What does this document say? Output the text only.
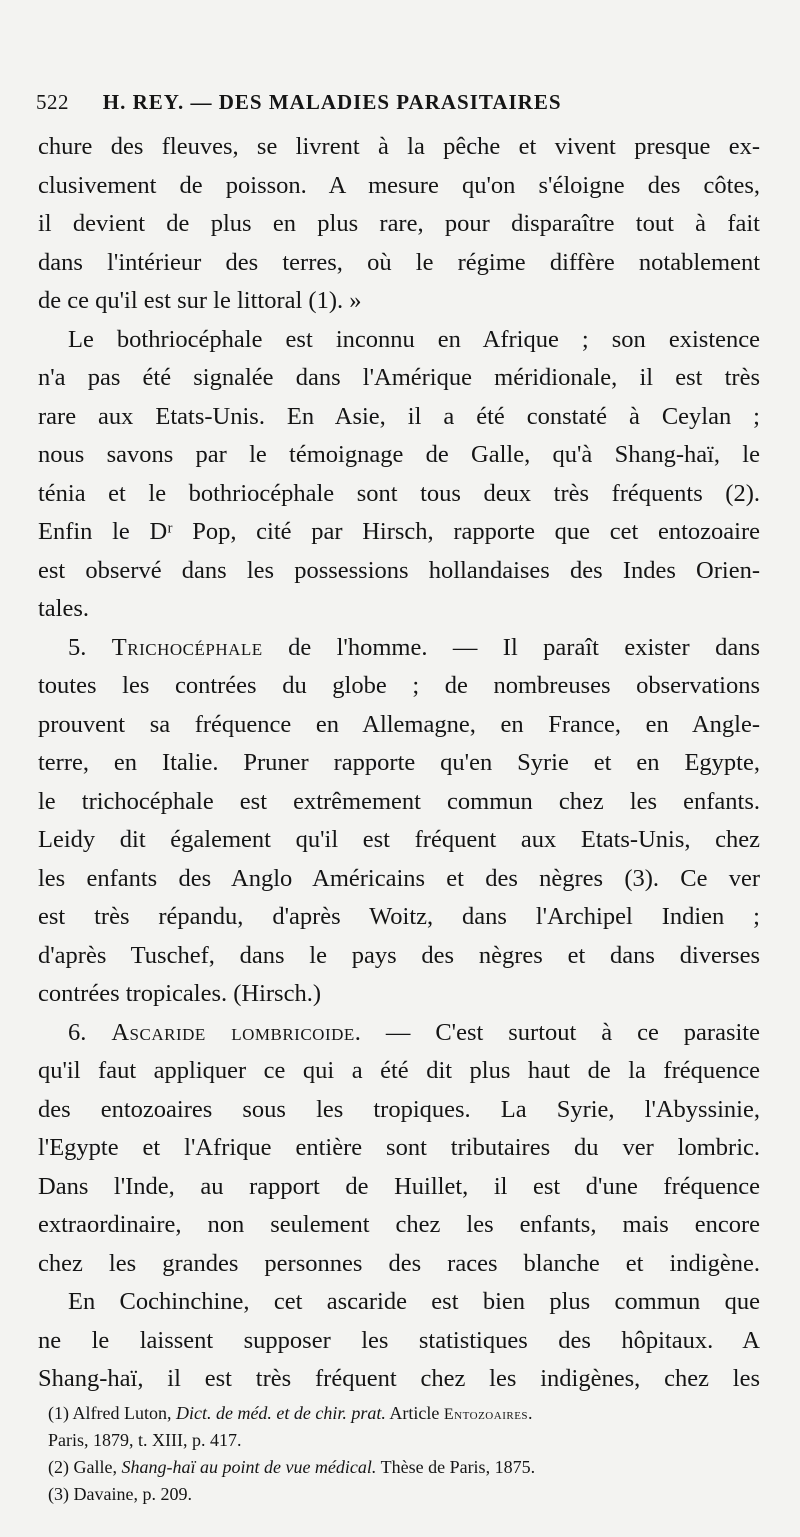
522 H. REY. — DES MALADIES PARASITAIRES
chure des fleuves, se livrent à la pêche et vivent presque ex-
clusivement de poisson. A mesure qu'on s'éloigne des côtes,
il devient de plus en plus rare, pour disparaître tout à fait
dans l'intérieur des terres, où le régime diffère notablement
de ce qu'il est sur le littoral (1). »
Le bothriocéphale est inconnu en Afrique ; son existence
n'a pas été signalée dans l'Amérique méridionale, il est très
rare aux Etats-Unis. En Asie, il a été constaté à Ceylan ;
nous savons par le témoignage de Galle, qu'à Shang-haï, le
ténia et le bothriocéphale sont tous deux très fréquents (2).
Enfin le Dʳ Pop, cité par Hirsch, rapporte que cet entozoaire
est observé dans les possessions hollandaises des Indes Orien-
tales.
5. Trichocéphale de l'homme. — Il paraît exister dans
toutes les contrées du globe ; de nombreuses observations
prouvent sa fréquence en Allemagne, en France, en Angle-
terre, en Italie. Pruner rapporte qu'en Syrie et en Egypte,
le trichocéphale est extrêmement commun chez les enfants.
Leidy dit également qu'il est fréquent aux Etats-Unis, chez
les enfants des Anglo Américains et des nègres (3). Ce ver
est très répandu, d'après Woitz, dans l'Archipel Indien ;
d'après Tuschef, dans le pays des nègres et dans diverses
contrées tropicales. (Hirsch.)
6. Ascaride lombricoide. — C'est surtout à ce parasite
qu'il faut appliquer ce qui a été dit plus haut de la fréquence
des entozoaires sous les tropiques. La Syrie, l'Abyssinie,
l'Egypte et l'Afrique entière sont tributaires du ver lombric.
Dans l'Inde, au rapport de Huillet, il est d'une fréquence
extraordinaire, non seulement chez les enfants, mais encore
chez les grandes personnes des races blanche et indigène.
En Cochinchine, cet ascaride est bien plus commun que
ne le laissent supposer les statistiques des hôpitaux. A
Shang-haï, il est très fréquent chez les indigènes, chez les
(1) Alfred Luton, Dict. de méd. et de chir. prat. Article Entozoaires.
Paris, 1879, t. XIII, p. 417.
(2) Galle, Shang-haï au point de vue médical. Thèse de Paris, 1875.
(3) Davaine, p. 209.
